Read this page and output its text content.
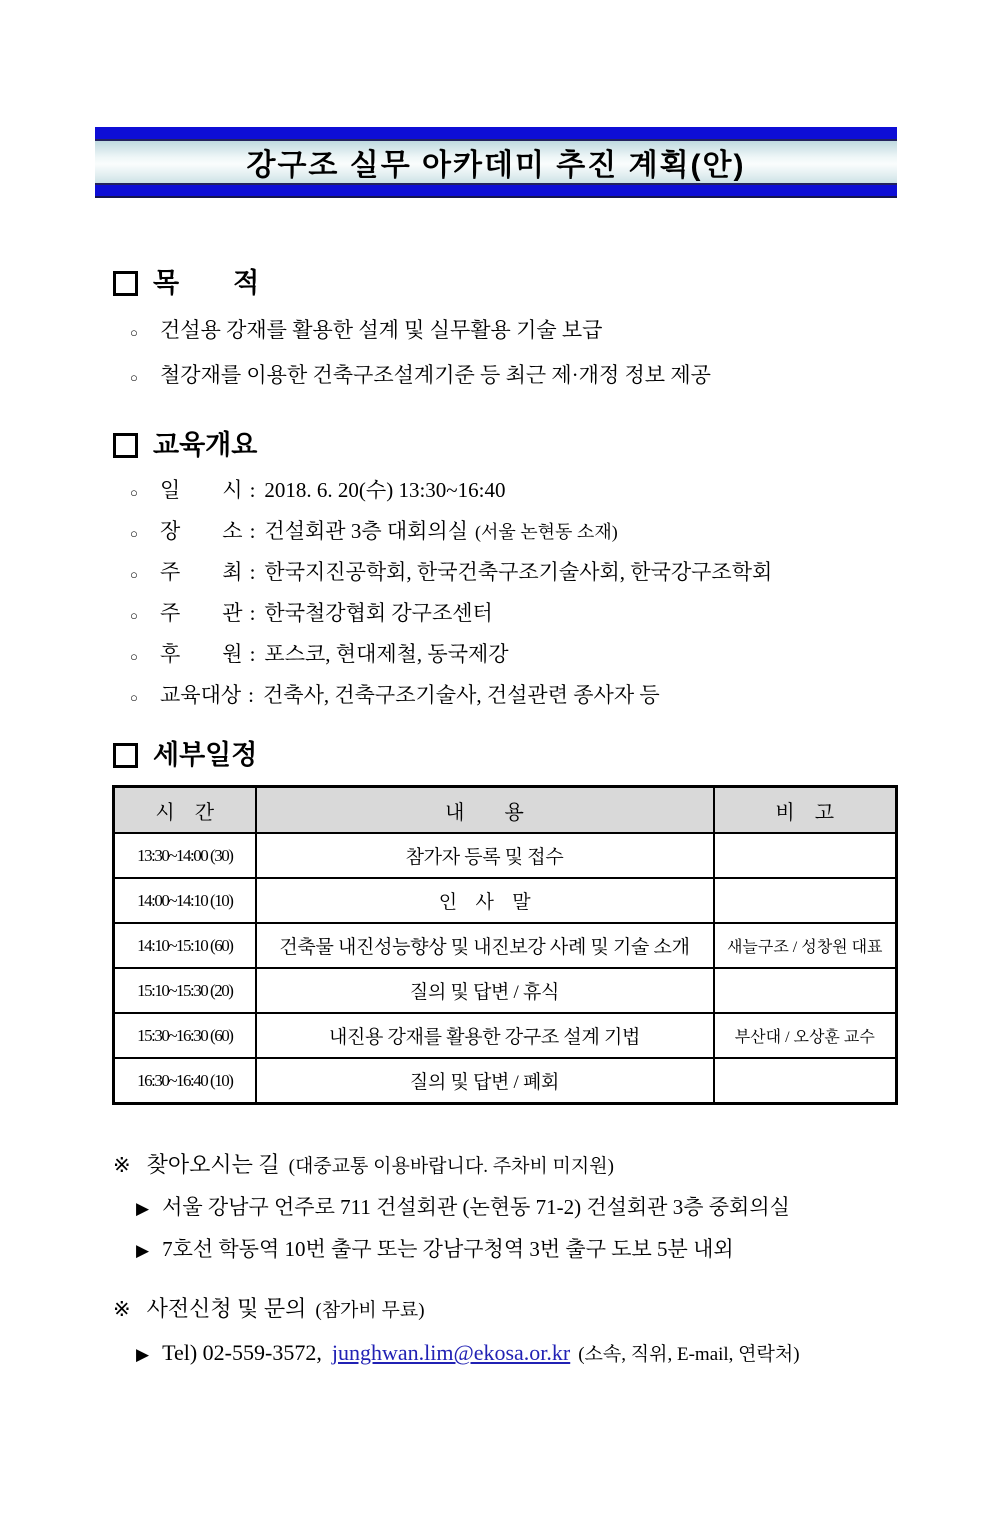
강구조 실무 아카데미 추진 계획(안)
목　　적
○	건설용 강재를 활용한 설계 및 실무활용 기술 보급
○	철강재를 이용한 건축구조설계기준 등 최근 제·개정 정보 제공
교육개요
○	일　　시 : 2018. 6. 20(수) 13:30~16:40
○	장　　소 : 건설회관 3층 대회의실 (서울 논현동 소재)
○	주　　최 : 한국지진공학회, 한국건축구조기술사회, 한국강구조학회
○	주　　관 : 한국철강협회 강구조센터
○	후　　원 : 포스코, 현대제철, 동국제강
○	교육대상 : 건축사, 건축구조기술사, 건설관련 종사자 등
세부일정
시　간	내　　용	비　고
13:30~14:00 (30)	참가자 등록 및 접수	
14:00~14:10 (10)	인　사　말	
14:10~15:10 (60)	건축물 내진성능향상 및 내진보강 사례 및 기술 소개	새늘구조 / 성창원 대표
15:10~15:30 (20)	질의 및 답변 / 휴식	
15:30~16:30 (60)	내진용 강재를 활용한 강구조 설계 기법	부산대 / 오상훈 교수
16:30~16:40 (10)	질의 및 답변 / 폐회	
※ 찾아오시는 길 (대중교통 이용바랍니다. 주차비 미지원)
▶ 서울 강남구 언주로 711 건설회관 (논현동 71-2) 건설회관 3층 중회의실
▶ 7호선 학동역 10번 출구 또는 강남구청역 3번 출구 도보 5분 내외
※ 사전신청 및 문의 (참가비 무료)
▶ Tel) 02-559-3572, junghwan.lim@ekosa.or.kr (소속, 직위, E-mail, 연락처)
